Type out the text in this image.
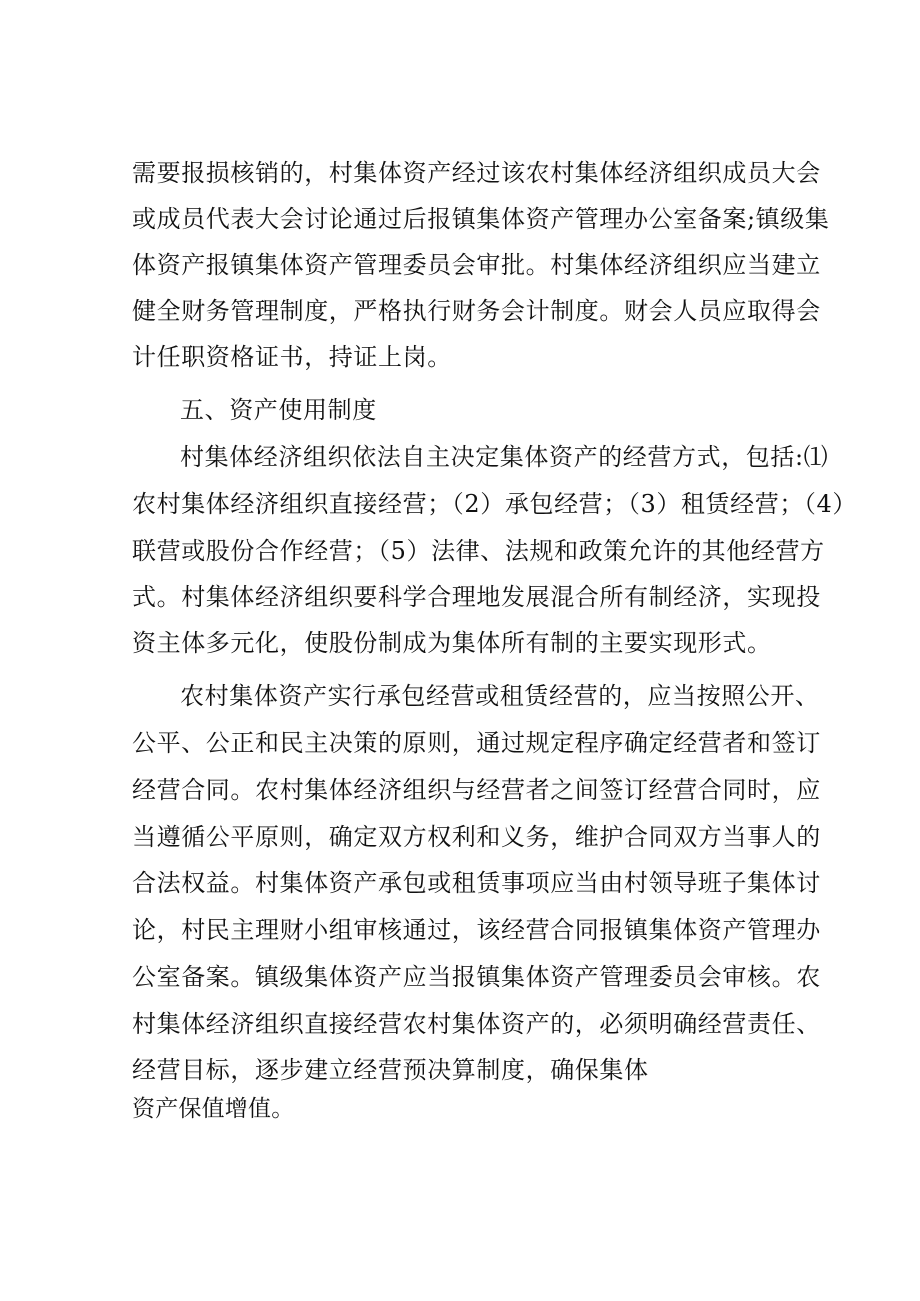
需要报损核销的，村集体资产经过该农村集体经济组织成员大会
或成员代表大会讨论通过后报镇集体资产管理办公室备案;镇级集
体资产报镇集体资产管理委员会审批。村集体经济组织应当建立
健全财务管理制度，严格执行财务会计制度。财会人员应取得会
计任职资格证书，持证上岗。
五、资产使用制度
村集体经济组织依法自主决定集体资产的经营方式，包括:⑴
农村集体经济组织直接经营；（2）承包经营；（3）租赁经营；（4）
联营或股份合作经营；（5）法律、法规和政策允许的其他经营方
式。村集体经济组织要科学合理地发展混合所有制经济，实现投
资主体多元化，使股份制成为集体所有制的主要实现形式。
农村集体资产实行承包经营或租赁经营的，应当按照公开、
公平、公正和民主决策的原则，通过规定程序确定经营者和签订
经营合同。农村集体经济组织与经营者之间签订经营合同时，应
当遵循公平原则，确定双方权利和义务，维护合同双方当事人的
合法权益。村集体资产承包或租赁事项应当由村领导班子集体讨
论，村民主理财小组审核通过，该经营合同报镇集体资产管理办
公室备案。镇级集体资产应当报镇集体资产管理委员会审核。农
村集体经济组织直接经营农村集体资产的，必须明确经营责任、
经营目标，逐步建立经营预决算制度，确保集体
资产保值增值。
